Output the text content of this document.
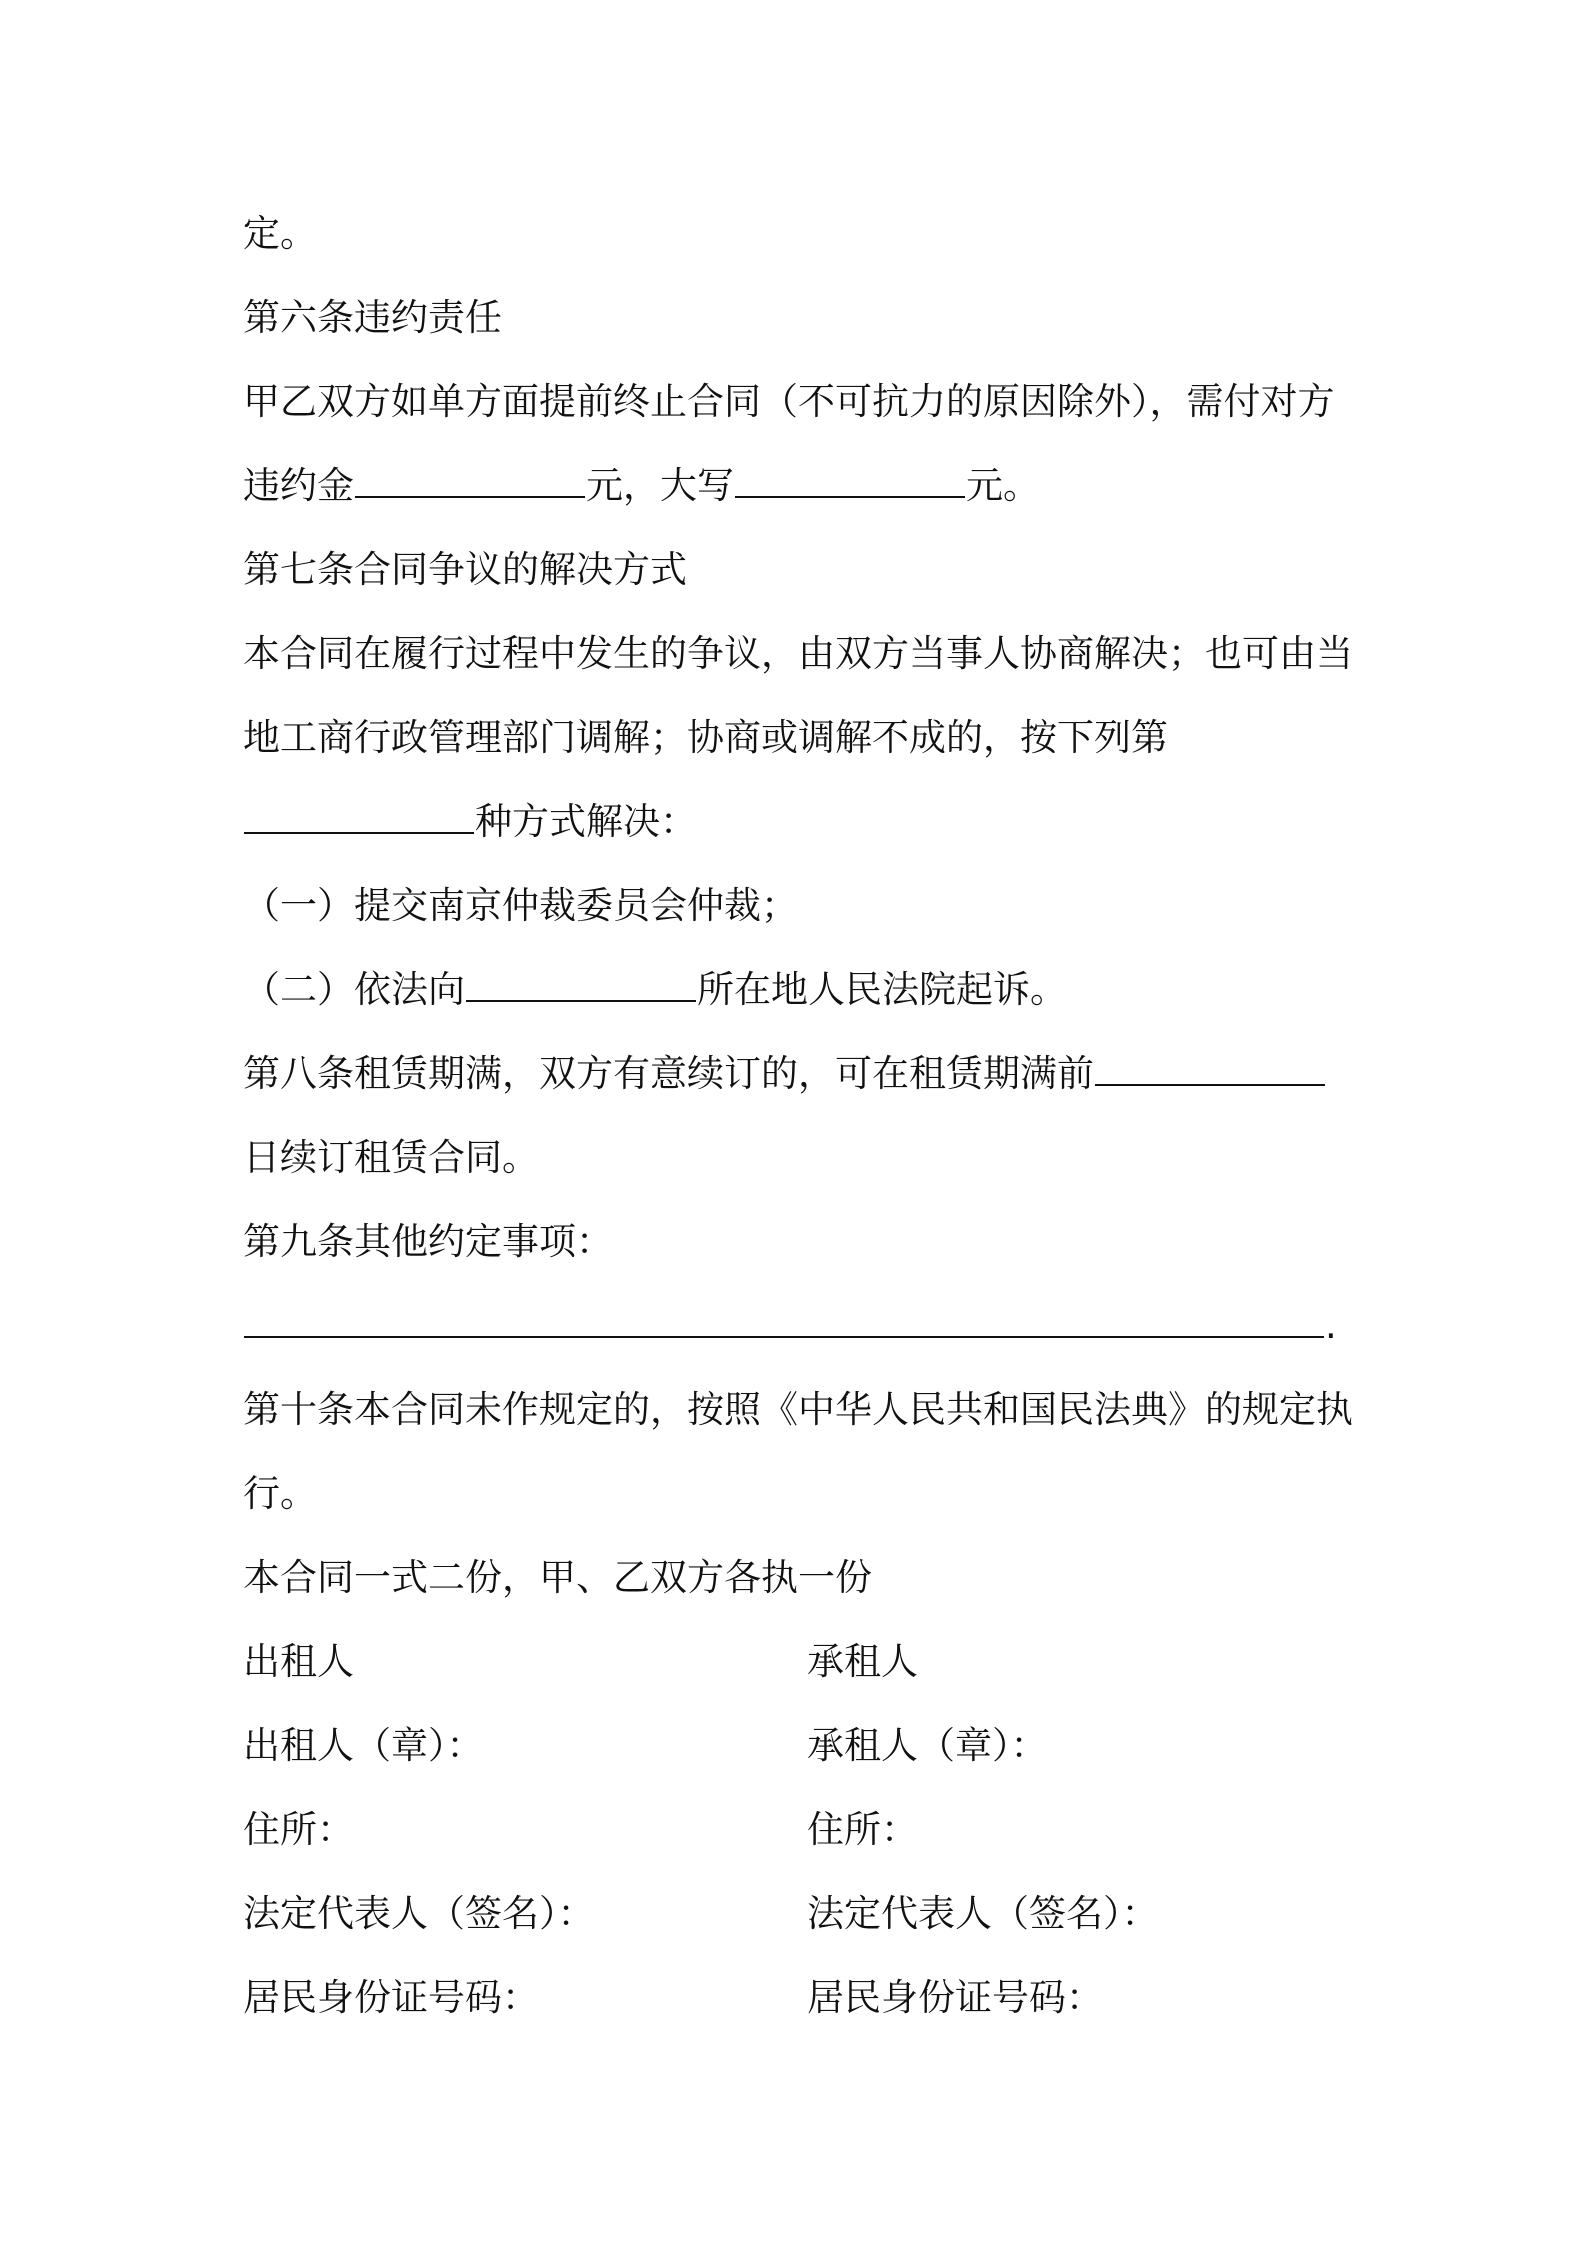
定。
第六条违约责任
甲乙双方如单方面提前终止合同（不可抗力的原因除外），需付对方
违约金	元，大写	元。
第七条合同争议的解决方式
本合同在履行过程中发生的争议，由双方当事人协商解决；也可由当
地工商行政管理部门调解；协商或调解不成的，按下列第
种方式解决：
（一）提交南京仲裁委员会仲裁；
（二）依法向	所在地人民法院起诉。
第八条租赁期满，双方有意续订的，可在租赁期满前
日续订租赁合同。
第九条其他约定事项：
.
第十条本合同未作规定的，按照《中华人民共和国民法典》的规定执
行。
本合同一式二份，甲、乙双方各执一份
出租人	承租人
出租人（章）：	承租人（章）：
住所：	住所：
法定代表人（签名）：	法定代表人（签名）：
居民身份证号码：	居民身份证号码：
